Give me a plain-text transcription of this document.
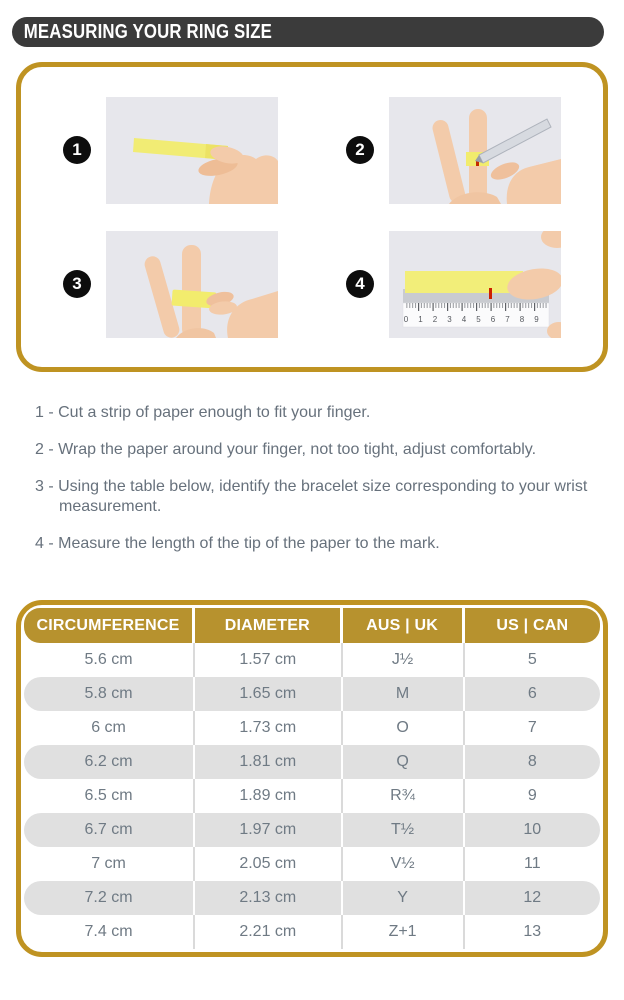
MEASURING YOUR RING SIZE
1	2
3	4
0 1 2 3 4 5 6 7 8 9

1 - Cut a strip of paper enough to fit your finger.

2 - Wrap the paper around your finger, not too tight, adjust comfortably.

3 - Using the table below, identify the bracelet size corresponding to your wrist measurement.

4 - Measure the length of the tip of the paper to the mark.

CIRCUMFERENCE	DIAMETER	AUS | UK	US | CAN
5.6 cm	1.57 cm	J½	5
5.8 cm	1.65 cm	M	6
6 cm	1.73 cm	O	7
6.2 cm	1.81 cm	Q	8
6.5 cm	1.89 cm	R¾	9
6.7 cm	1.97 cm	T½	10
7 cm	2.05 cm	V½	11
7.2 cm	2.13 cm	Y	12
7.4 cm	2.21 cm	Z+1	13
